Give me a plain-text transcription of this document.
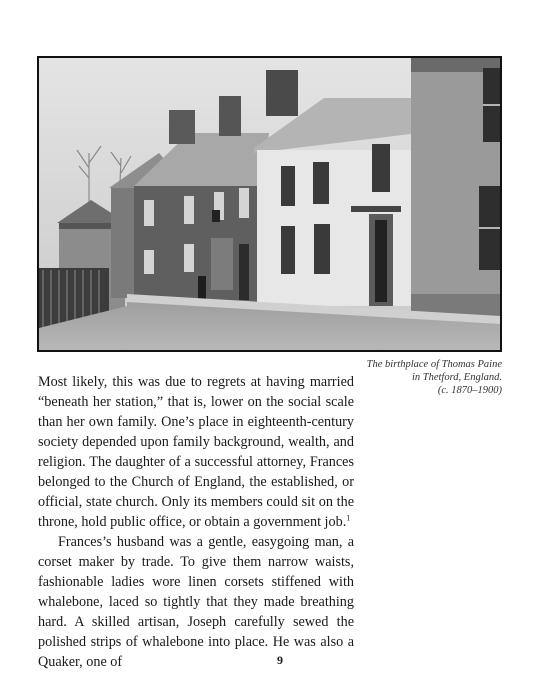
The birthplace of Thomas Paine
in Thetford, England.
(c. 1870–1900)

Most likely, this was due to regrets at having married “beneath her station,” that is, lower on the social scale than her own family. One’s place in eighteenth-century society depended upon family background, wealth, and religion. The daughter of a successful attorney, Frances belonged to the Church of England, the established, or official, state church. Only its members could sit on the throne, hold public office, or obtain a government job.$^1$

Frances’s husband was a gentle, easygoing man, a corset maker by trade. To give them narrow waists, fashionable ladies wore linen corsets stiffened with whalebone, laced so tightly that they made breathing hard. A skilled artisan, Joseph carefully sewed the polished strips of whalebone into place. He was also a Quaker, one of	9
